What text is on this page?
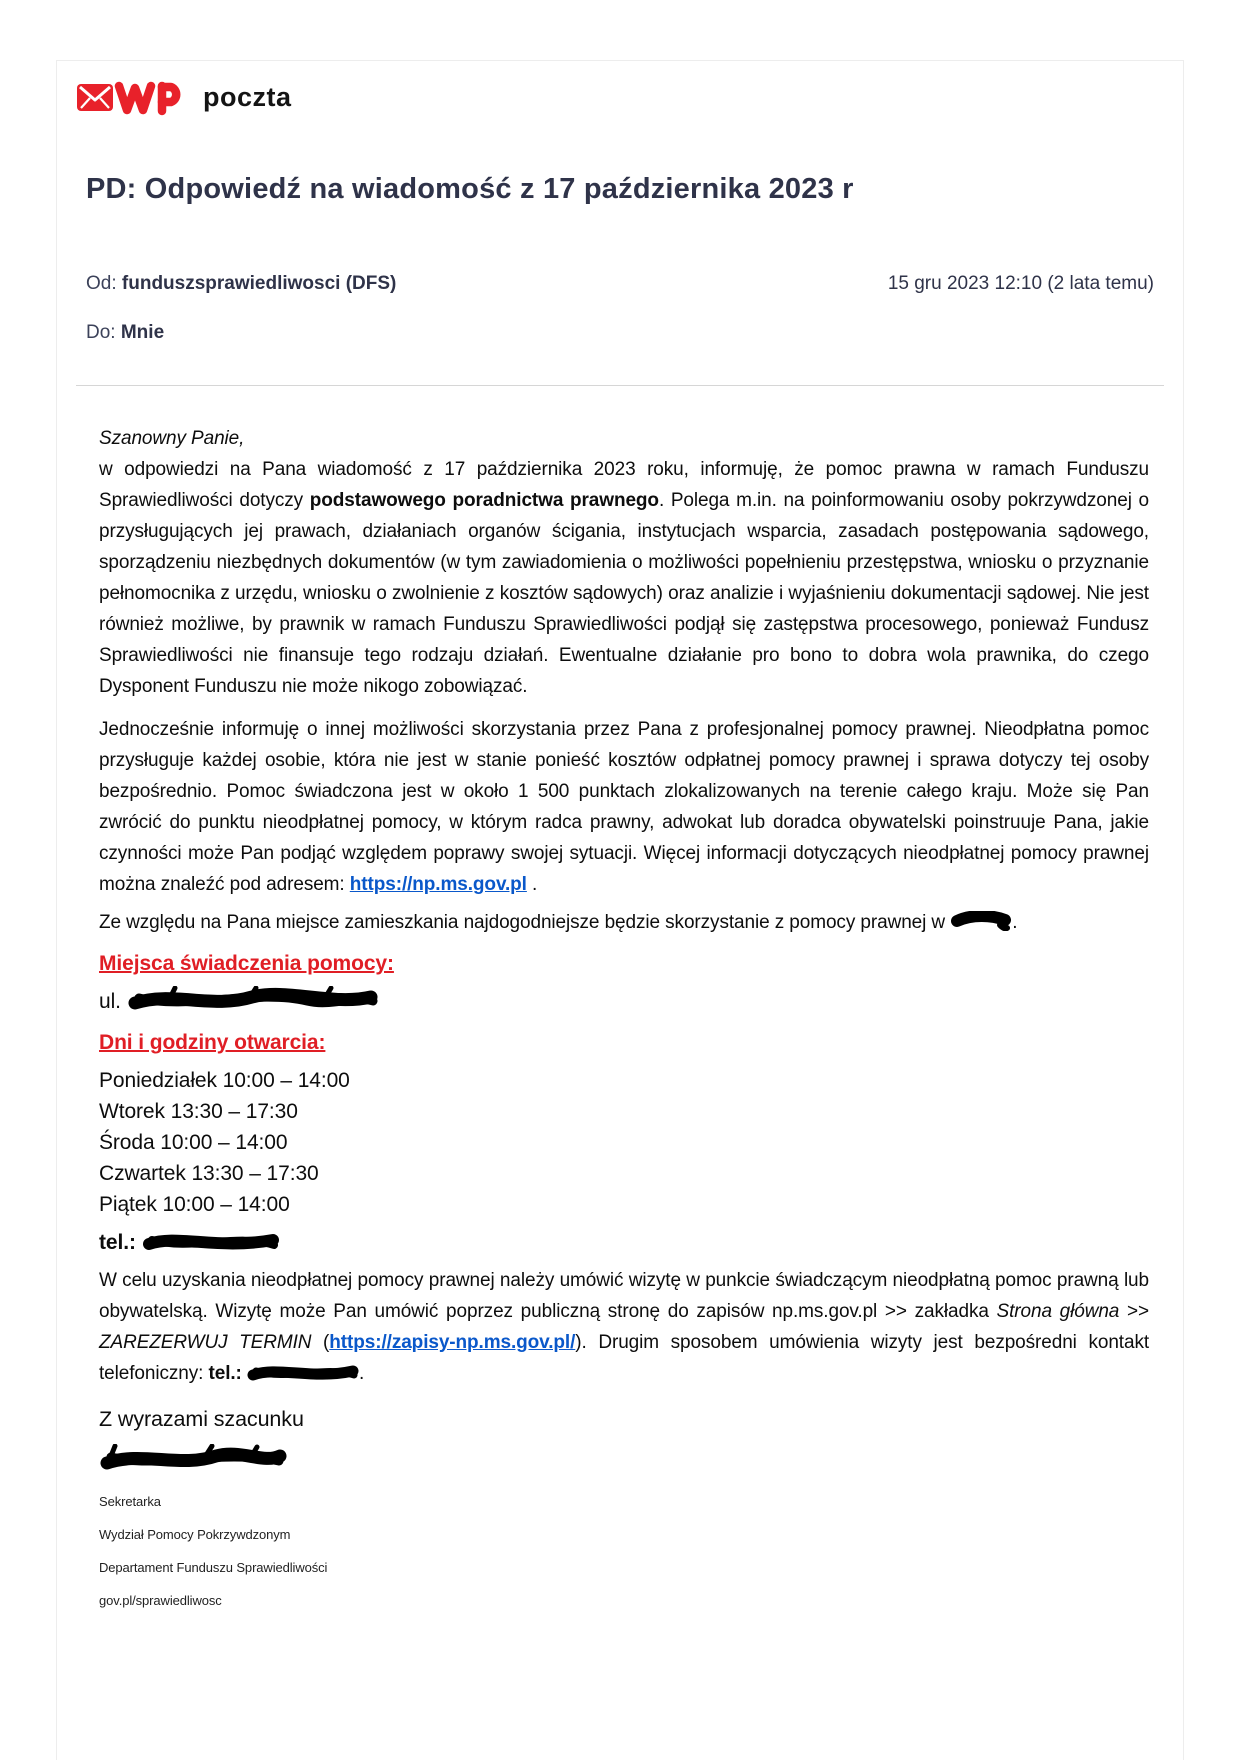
poczta
PD: Odpowiedź na wiadomość z 17 października 2023 r
Od: funduszsprawiedliwosci (DFS)	15 gru 2023 12:10 (2 lata temu)
Do: Mnie

Szanowny Panie,

w odpowiedzi na Pana wiadomość z 17 października 2023 roku, informuję, że pomoc prawna w ramach Funduszu Sprawiedliwości dotyczy podstawowego poradnictwa prawnego. Polega m.in. na poinformowaniu osoby pokrzywdzonej o przysługujących jej prawach, działaniach organów ścigania, instytucjach wsparcia, zasadach postępowania sądowego, sporządzeniu niezbędnych dokumentów (w tym zawiadomienia o możliwości popełnieniu przestępstwa, wniosku o przyznanie pełnomocnika z urzędu, wniosku o zwolnienie z kosztów sądowych) oraz analizie i wyjaśnieniu dokumentacji sądowej. Nie jest również możliwe, by prawnik w ramach Funduszu Sprawiedliwości podjął się zastępstwa procesowego, ponieważ Fundusz Sprawiedliwości nie finansuje tego rodzaju działań. Ewentualne działanie pro bono to dobra wola prawnika, do czego Dysponent Funduszu nie może nikogo zobowiązać.

Jednocześnie informuję o innej możliwości skorzystania przez Pana z profesjonalnej pomocy prawnej. Nieodpłatna pomoc przysługuje każdej osobie, która nie jest w stanie ponieść kosztów odpłatnej pomocy prawnej i sprawa dotyczy tej osoby bezpośrednio. Pomoc świadczona jest w około 1 500 punktach zlokalizowanych na terenie całego kraju. Może się Pan zwrócić do punktu nieodpłatnej pomocy, w którym radca prawny, adwokat lub doradca obywatelski poinstruuje Pana, jakie czynności może Pan podjąć względem poprawy swojej sytuacji. Więcej informacji dotyczących nieodpłatnej pomocy prawnej można znaleźć pod adresem: https://np.ms.gov.pl .

Ze względu na Pana miejsce zamieszkania najdogodniejsze będzie skorzystanie z pomocy prawnej w	.

Miejsca świadczenia pomocy:

ul.

Dni i godziny otwarcia:

Poniedziałek 10:00 – 14:00

Wtorek 13:30 – 17:30

Środa 10:00 – 14:00

Czwartek 13:30 – 17:30

Piątek 10:00 – 14:00

tel.:

W celu uzyskania nieodpłatnej pomocy prawnej należy umówić wizytę w punkcie świadczącym nieodpłatną pomoc prawną lub obywatelską. Wizytę może Pan umówić poprzez publiczną stronę do zapisów np.ms.gov.pl >> zakładka Strona główna >> ZAREZERWUJ TERMIN (https://zapisy-np.ms.gov.pl/). Drugim sposobem umówienia wizyty jest bezpośredni kontakt telefoniczny: tel.:	.

Z wyrazami szacunku

Sekretarka

Wydział Pomocy Pokrzywdzonym

Departament Funduszu Sprawiedliwości

gov.pl/sprawiedliwosc
